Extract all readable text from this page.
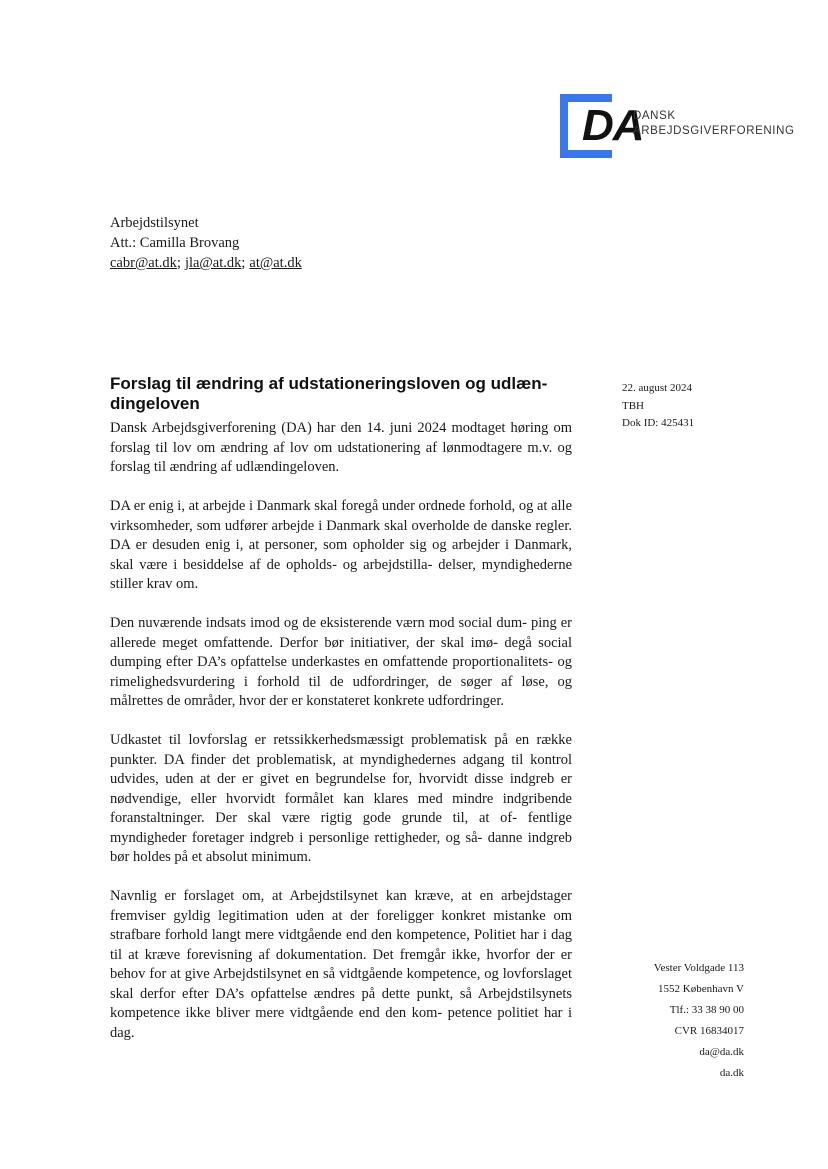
DA
DANSK
ARBEJDSGIVERFORENING
Arbejdstilsynet
Att.: Camilla Brovang
cabr@at.dk; jla@at.dk; at@at.dk
Forslag til ændring af udstationeringsloven og udlæn- dingeloven
22. august 2024
TBH
Dok ID: 425431

Dansk Arbejdsgiverforening (DA) har den 14. juni 2024 modtaget høring om forslag til lov om ændring af lov om udstationering af lønmodtagere m.v. og forslag til ændring af udlændingeloven.

DA er enig i, at arbejde i Danmark skal foregå under ordnede forhold, og at alle virksomheder, som udfører arbejde i Danmark skal overholde de danske regler. DA er desuden enig i, at personer, som opholder sig og arbejder i Danmark, skal være i besiddelse af de opholds- og arbejdstilla- delser, myndighederne stiller krav om.

Den nuværende indsats imod og de eksisterende værn mod social dum- ping er allerede meget omfattende. Derfor bør initiativer, der skal imø- degå social dumping efter DA’s opfattelse underkastes en omfattende proportionalitets- og rimelighedsvurdering i forhold til de udfordringer, de søger af løse, og målrettes de områder, hvor der er konstateret konkrete udfordringer.

Udkastet til lovforslag er retssikkerhedsmæssigt problematisk på en række punkter. DA finder det problematisk, at myndighedernes adgang til kontrol udvides, uden at der er givet en begrundelse for, hvorvidt disse indgreb er nødvendige, eller hvorvidt formålet kan klares med mindre indgribende foranstaltninger. Der skal være rigtig gode grunde til, at of- fentlige myndigheder foretager indgreb i personlige rettigheder, og så- danne indgreb bør holdes på et absolut minimum.

Navnlig er forslaget om, at Arbejdstilsynet kan kræve, at en arbejdstager fremviser gyldig legitimation uden at der foreligger konkret mistanke om strafbare forhold langt mere vidtgående end den kompetence, Politiet har i dag til at kræve forevisning af dokumentation. Det fremgår ikke, hvorfor der er behov for at give Arbejdstilsynet en så vidtgående kompetence, og lovforslaget skal derfor efter DA’s opfattelse ændres på dette punkt, så Arbejdstilsynets kompetence ikke bliver mere vidtgående end den kom- petence politiet har i dag.

Vester Voldgade 113
1552 København V
Tlf.: 33 38 90 00
CVR 16834017
da@da.dk
da.dk
